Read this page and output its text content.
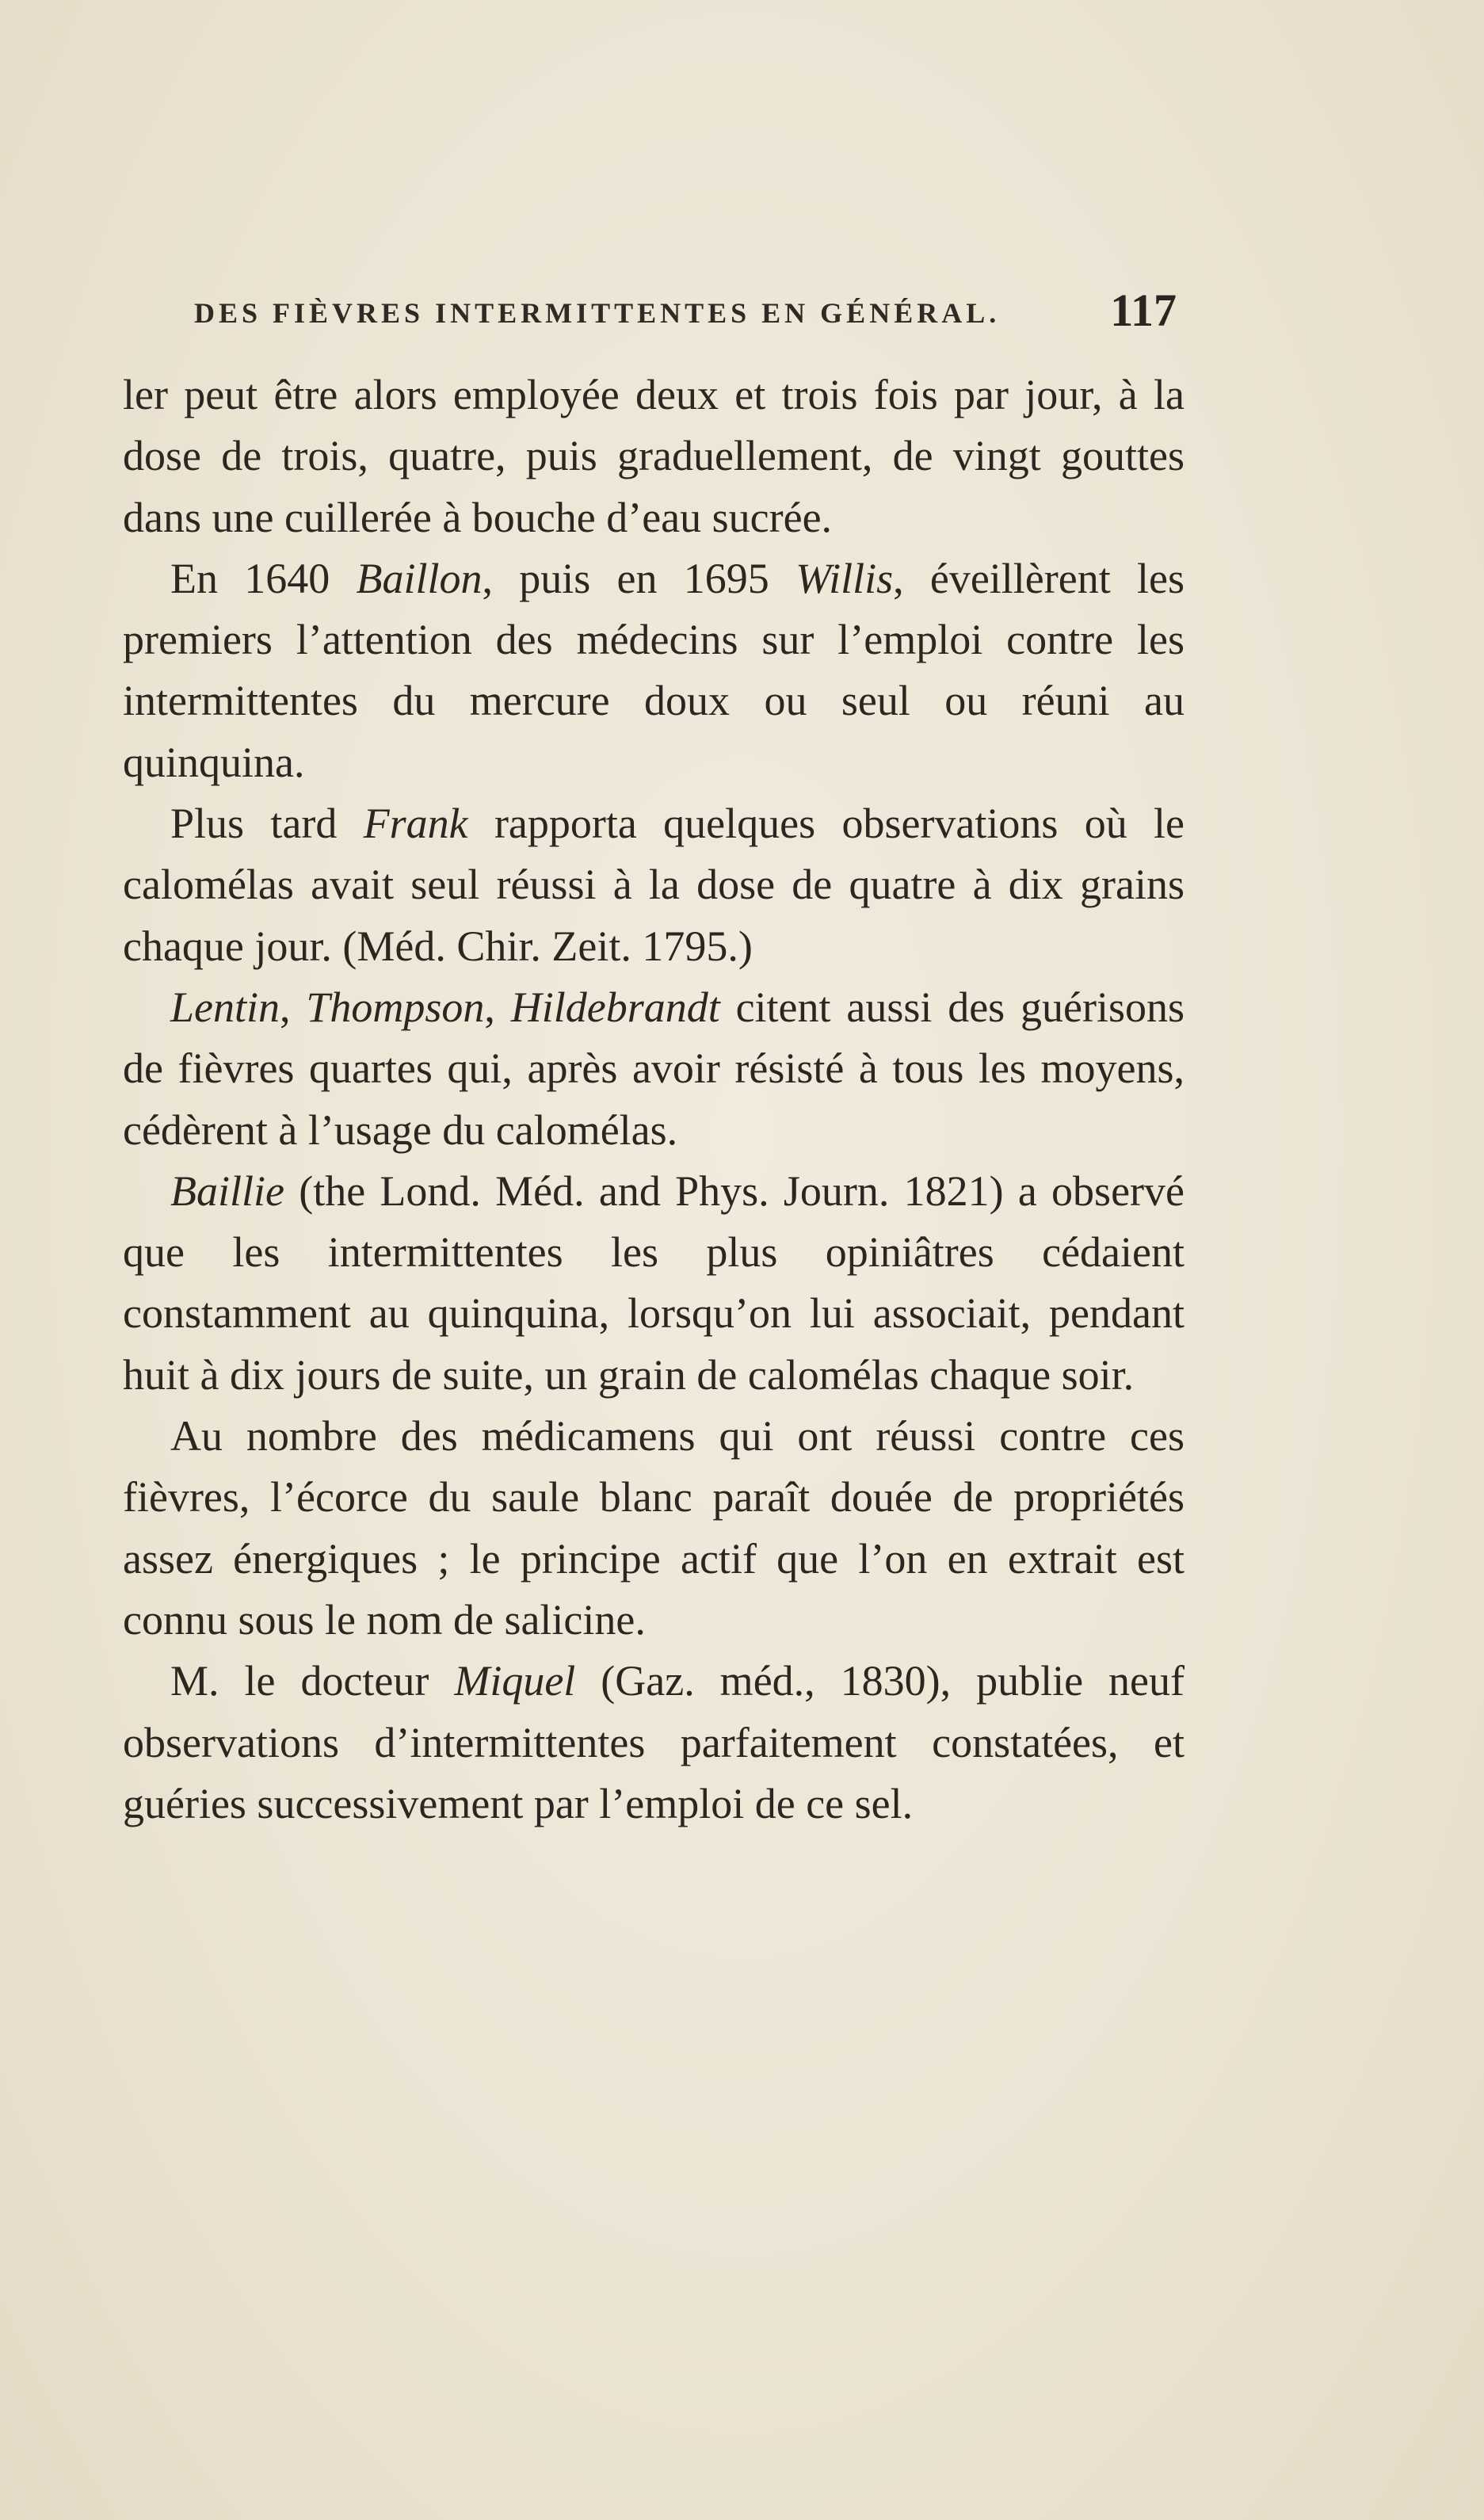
DES FIÈVRES INTERMITTENTES EN GÉNÉRAL. 117

ler peut être alors employée deux et trois fois par jour, à la dose de trois, quatre, puis graduellement, de vingt gouttes dans une cuillerée à bouche d’eau sucrée.

En 1640 Baillon, puis en 1695 Willis, éveillèrent les premiers l’attention des médecins sur l’emploi contre les intermittentes du mercure doux ou seul ou réuni au quinquina.

Plus tard Frank rapporta quelques observations où le calomélas avait seul réussi à la dose de quatre à dix grains chaque jour. (Méd. Chir. Zeit. 1795.)

Lentin, Thompson, Hildebrandt citent aussi des guérisons de fièvres quartes qui, après avoir résisté à tous les moyens, cédèrent à l’usage du calomélas.

Baillie (the Lond. Méd. and Phys. Journ. 1821) a observé que les intermittentes les plus opiniâtres cédaient constamment au quinquina, lorsqu’on lui associait, pendant huit à dix jours de suite, un grain de calomélas chaque soir.

Au nombre des médicamens qui ont réussi contre ces fièvres, l’écorce du saule blanc paraît douée de propriétés assez énergiques ; le principe actif que l’on en extrait est connu sous le nom de salicine.

M. le docteur Miquel (Gaz. méd., 1830), publie neuf observations d’intermittentes parfaitement constatées, et guéries successivement par l’emploi de ce sel.
